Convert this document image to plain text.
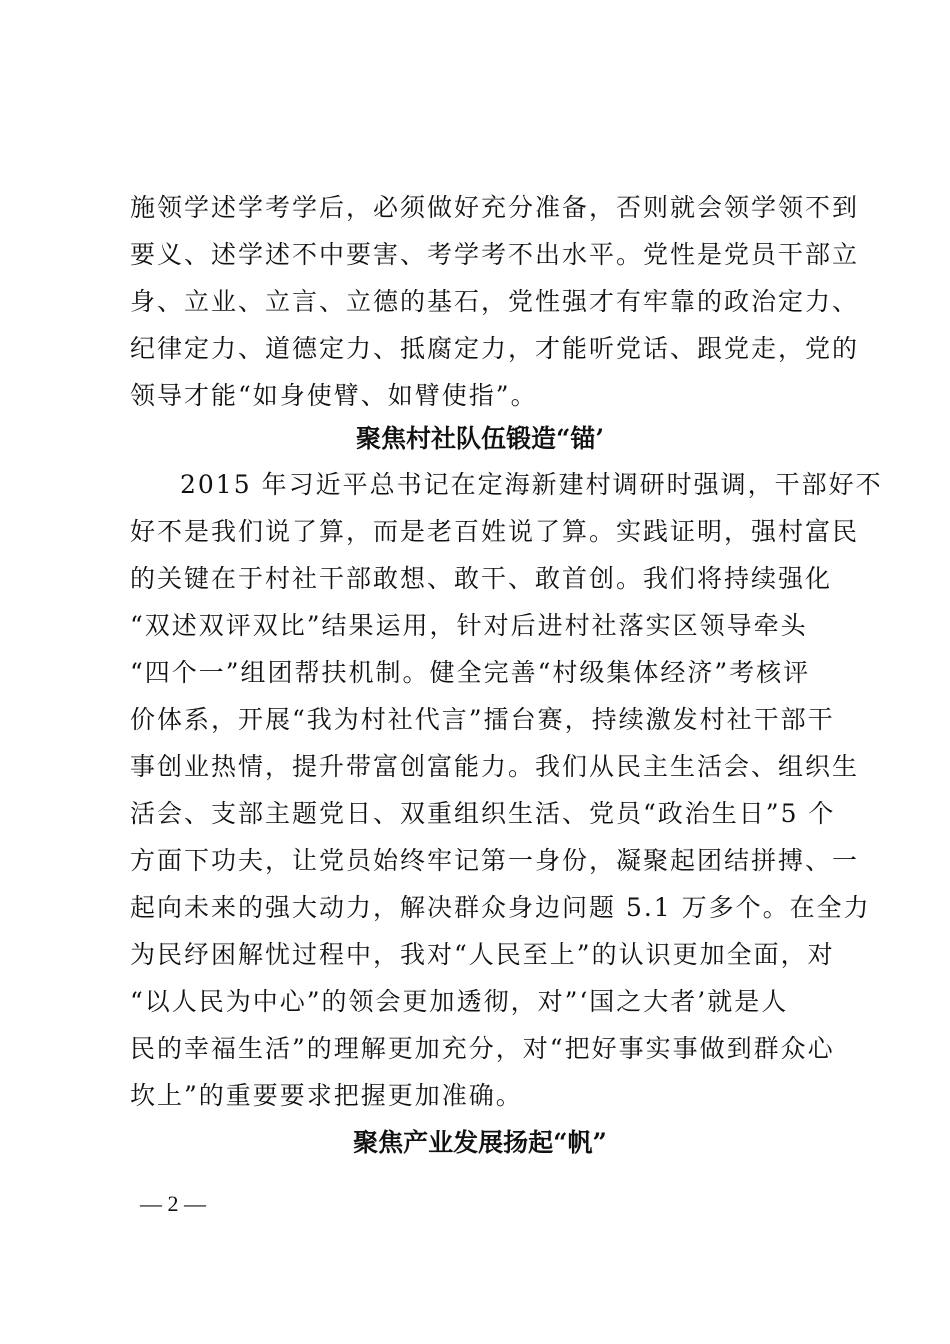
施领学述学考学后，必须做好充分准备，否则就会领学领不到
要义、述学述不中要害、考学考不出水平。党性是党员干部立
身、立业、立言、立德的基石，党性强才有牢靠的政治定力、
纪律定力、道德定力、抵腐定力，才能听党话、跟党走，党的
领导才能“如身使臂、如臂使指”。
聚焦村社队伍锻造“锚’
2015 年习近平总书记在定海新建村调研时强调，干部好不
好不是我们说了算，而是老百姓说了算。实践证明，强村富民
的关键在于村社干部敢想、敢干、敢首创。我们将持续强化
“双述双评双比”结果运用，针对后进村社落实区领导牵头
“四个一”组团帮扶机制。健全完善“村级集体经济”考核评
价体系，开展“我为村社代言”擂台赛，持续激发村社干部干
事创业热情，提升带富创富能力。我们从民主生活会、组织生
活会、支部主题党日、双重组织生活、党员“政治生日”5 个
方面下功夫，让党员始终牢记第一身份，凝聚起团结拼搏、一
起向未来的强大动力，解决群众身边问题 5.1 万多个。在全力
为民纾困解忧过程中，我对“人民至上”的认识更加全面，对
“以人民为中心”的领会更加透彻，对”‘国之大者’就是人
民的幸福生活”的理解更加充分，对“把好事实事做到群众心
坎上”的重要要求把握更加准确。
聚焦产业发展扬起“帆”
— 2 —
